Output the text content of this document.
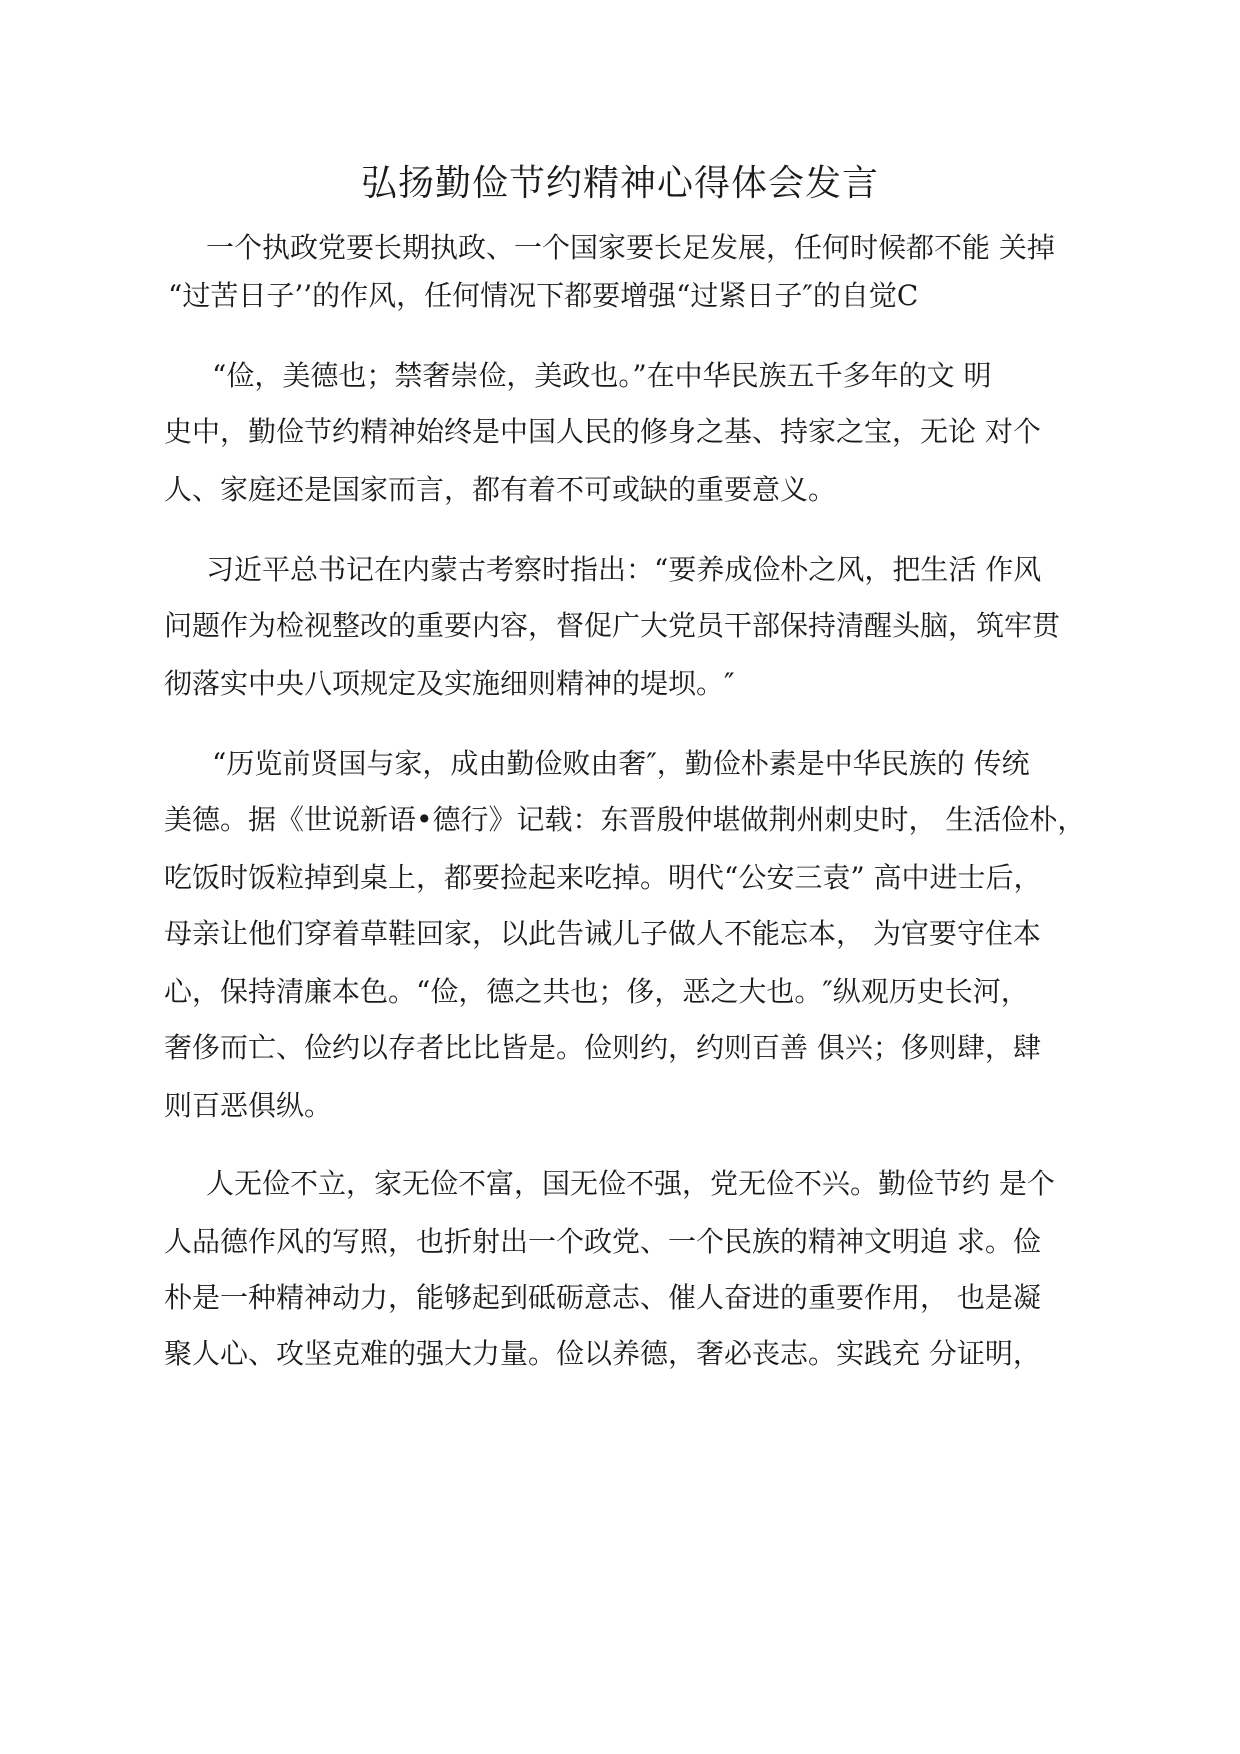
弘扬勤俭节约精神心得体会发言
一个执政党要长期执政、一个国家要长足发展，任何时候都不能 关掉
“过苦日子’’的作风，任何情况下都要增强“过紧日子″的自觉C
“俭，美德也；禁奢崇俭，美政也。”在中华民族五千多年的文 明
史中，勤俭节约精神始终是中国人民的修身之基、持家之宝，无论 对个
人、家庭还是国家而言，都有着不可或缺的重要意义。
习近平总书记在内蒙古考察时指出：“要养成俭朴之风，把生活 作风
问题作为检视整改的重要内容，督促广大党员干部保持清醒头脑，筑牢贯
彻落实中央八项规定及实施细则精神的堤坝。″
“历览前贤国与家，成由勤俭败由奢″，勤俭朴素是中华民族的 传统
美德。据《世说新语•德行》记载：东晋殷仲堪做荆州刺史时， 生活俭朴，
吃饭时饭粒掉到桌上，都要捡起来吃掉。明代“公安三袁” 高中进士后，
母亲让他们穿着草鞋回家，以此告诫儿子做人不能忘本， 为官要守住本
心，保持清廉本色。“俭，德之共也；侈，恶之大也。″纵观历史长河，
奢侈而亡、俭约以存者比比皆是。俭则约，约则百善 俱兴；侈则肆，肆
则百恶俱纵。
人无俭不立，家无俭不富，国无俭不强，党无俭不兴。勤俭节约 是个
人品德作风的写照，也折射出一个政党、一个民族的精神文明追 求。俭
朴是一种精神动力，能够起到砥砺意志、催人奋进的重要作用， 也是凝
聚人心、攻坚克难的强大力量。俭以养德，奢必丧志。实践充 分证明，
